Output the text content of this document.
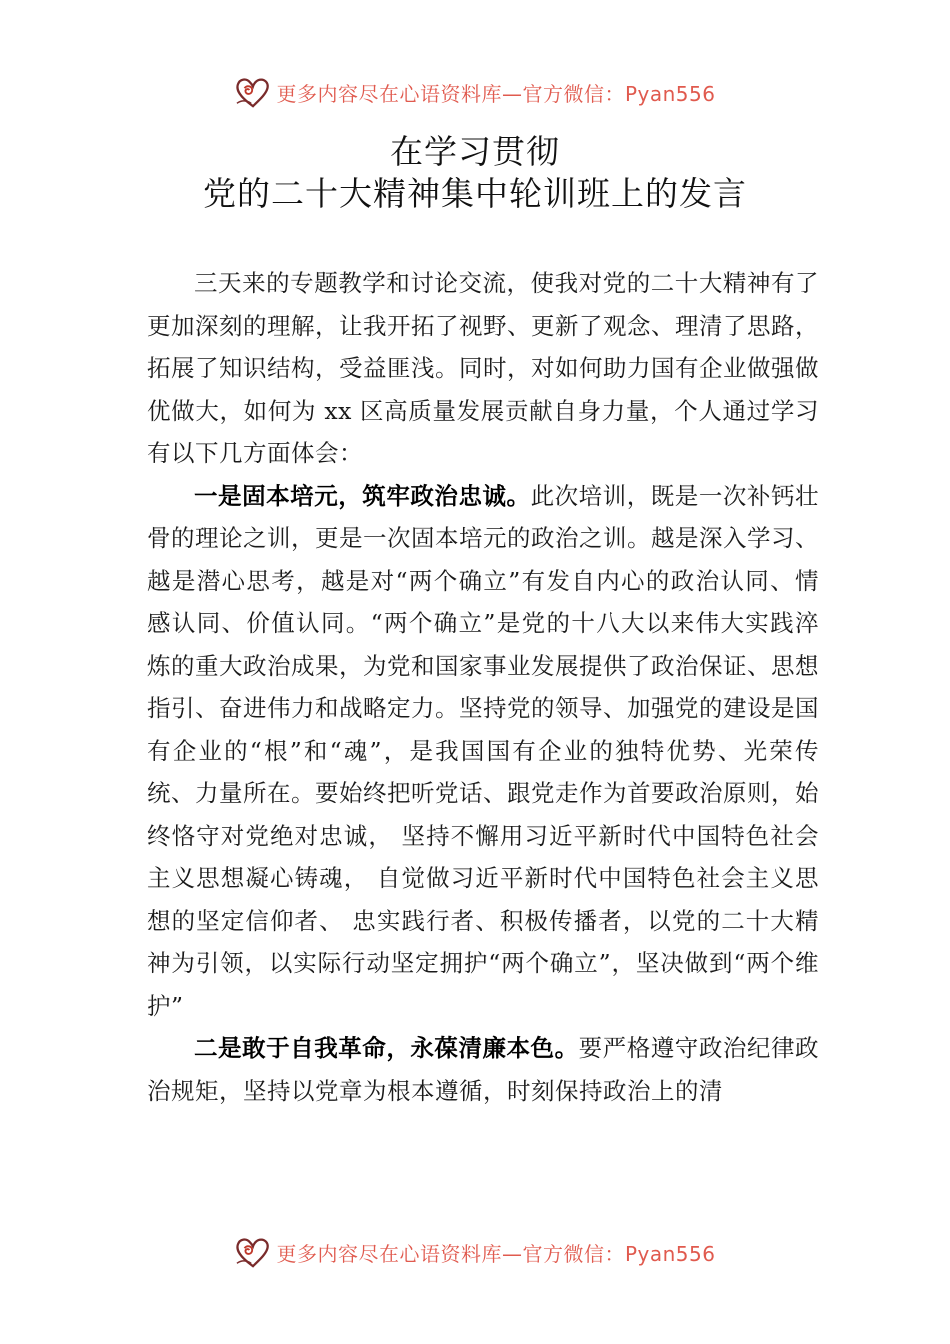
更多内容尽在心语资料库—官方微信：Pyan556
在学习贯彻
党的二十大精神集中轮训班上的发言

三天来的专题教学和讨论交流，使我对党的二十大精神有了更加深刻的理解，让我开拓了视野、更新了观念、理清了思路，拓展了知识结构，受益匪浅。同时，对如何助力国有企业做强做优做大，如何为 xx 区高质量发展贡献自身力量，个人通过学习有以下几方面体会：

一是固本培元，筑牢政治忠诚。此次培训，既是一次补钙壮骨的理论之训，更是一次固本培元的政治之训。越是深入学习、越是潜心思考，越是对“两个确立”有发自内心的政治认同、情感认同、价值认同。“两个确立”是党的十八大以来伟大实践淬炼的重大政治成果，为党和国家事业发展提供了政治保证、思想指引、奋进伟力和战略定力。坚持党的领导、加强党的建设是国有企业的“根”和“魂”，是我国国有企业的独特优势、光荣传统、力量所在。要始终把听党话、跟党走作为首要政治原则，始终恪守对党绝对忠诚， 坚持不懈用习近平新时代中国特色社会主义思想凝心铸魂， 自觉做习近平新时代中国特色社会主义思想的坚定信仰者、 忠实践行者、积极传播者，以党的二十大精神为引领，以实际行动坚定拥护“两个确立”，坚决做到“两个维护”

二是敢于自我革命，永葆清廉本色。要严格遵守政治纪律政治规矩，坚持以党章为根本遵循，时刻保持政治上的清

更多内容尽在心语资料库—官方微信：Pyan556
